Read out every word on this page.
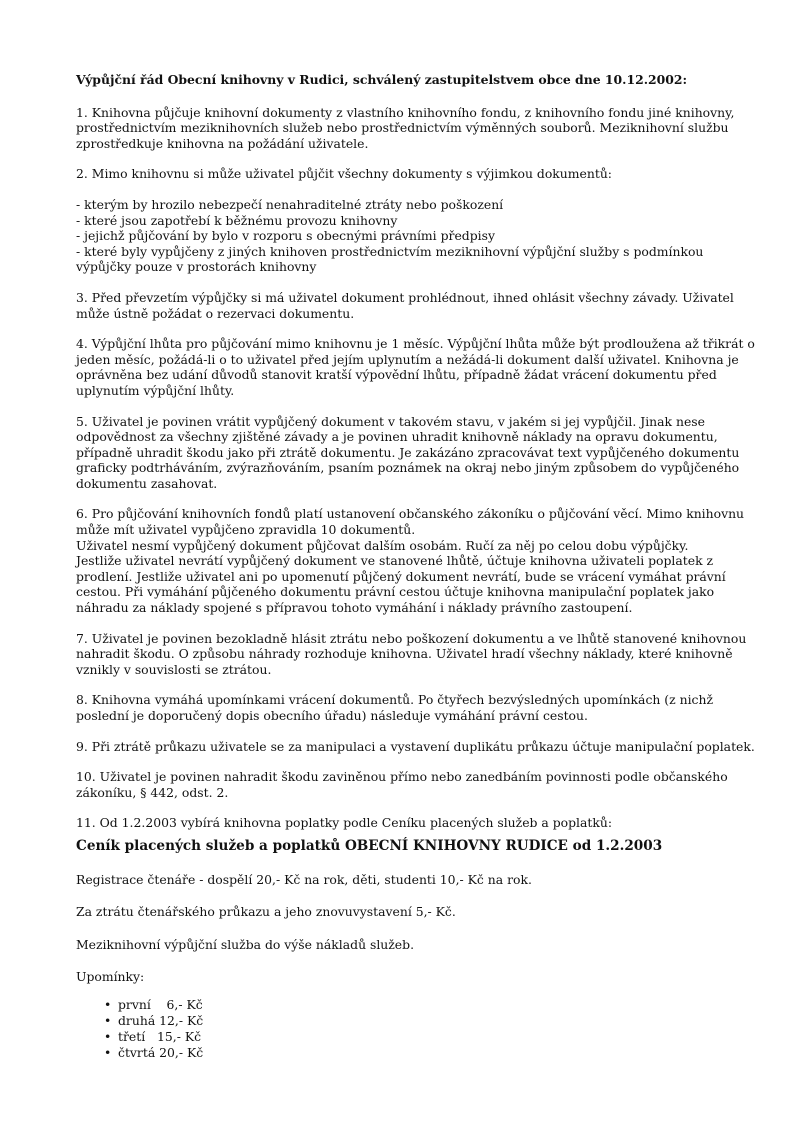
Výpůjční řád Obecní knihovny v Rudici, schválený zastupitelstvem obce dne 10.12.2002:

1. Knihovna půjčuje knihovní dokumenty z vlastního knihovního fondu, z knihovního fondu jiné knihovny,
prostřednictvím meziknihovních služeb nebo prostřednictvím výměnných souborů. Meziknihovní službu
zprostředkuje knihovna na požádání uživatele.

2. Mimo knihovnu si může uživatel půjčit všechny dokumenty s výjimkou dokumentů:

- kterým by hrozilo nebezpečí nenahraditelné ztráty nebo poškození
- které jsou zapotřebí k běžnému provozu knihovny
- jejichž půjčování by bylo v rozporu s obecnými právními předpisy
- které byly vypůjčeny z jiných knihoven prostřednictvím meziknihovní výpůjční služby s podmínkou
výpůjčky pouze v prostorách knihovny

3. Před převzetím výpůjčky si má uživatel dokument prohlédnout, ihned ohlásit všechny závady. Uživatel
může ústně požádat o rezervaci dokumentu.

4. Výpůjční lhůta pro půjčování mimo knihovnu je 1 měsíc. Výpůjční lhůta může být prodloužena až třikrát o
jeden měsíc, požádá-li o to uživatel před jejím uplynutím a nežádá-li dokument další uživatel. Knihovna je
oprávněna bez udání důvodů stanovit kratší výpovědní lhůtu, případně žádat vrácení dokumentu před
uplynutím výpůjční lhůty.

5. Uživatel je povinen vrátit vypůjčený dokument v takovém stavu, v jakém si jej vypůjčil. Jinak nese
odpovědnost za všechny zjištěné závady a je povinen uhradit knihovně náklady na opravu dokumentu,
případně uhradit škodu jako při ztrátě dokumentu. Je zakázáno zpracovávat text vypůjčeného dokumentu
graficky podtrháváním, zvýrazňováním, psaním poznámek na okraj nebo jiným způsobem do vypůjčeného
dokumentu zasahovat.

6. Pro půjčování knihovních fondů platí ustanovení občanského zákoníku o půjčování věcí. Mimo knihovnu
může mít uživatel vypůjčeno zpravidla 10 dokumentů.
Uživatel nesmí vypůjčený dokument půjčovat dalším osobám. Ručí za něj po celou dobu výpůjčky.
Jestliže uživatel nevrátí vypůjčený dokument ve stanovené lhůtě, účtuje knihovna uživateli poplatek z
prodlení. Jestliže uživatel ani po upomenutí půjčený dokument nevrátí, bude se vrácení vymáhat právní
cestou. Při vymáhání půjčeného dokumentu právní cestou účtuje knihovna manipulační poplatek jako
náhradu za náklady spojené s přípravou tohoto vymáhání i náklady právního zastoupení.

7. Uživatel je povinen bezokladně hlásit ztrátu nebo poškození dokumentu a ve lhůtě stanovené knihovnou
nahradit škodu. O způsobu náhrady rozhoduje knihovna. Uživatel hradí všechny náklady, které knihovně
vznikly v souvislosti se ztrátou.

8. Knihovna vymáhá upomínkami vrácení dokumentů. Po čtyřech bezvýsledných upomínkách (z nichž
poslední je doporučený dopis obecního úřadu) následuje vymáhání právní cestou.

9. Při ztrátě průkazu uživatele se za manipulaci a vystavení duplikátu průkazu účtuje manipulační poplatek.

10. Uživatel je povinen nahradit škodu zaviněnou přímo nebo zanedbáním povinnosti podle občanského
zákoníku, § 442, odst. 2.

11. Od 1.2.2003 vybírá knihovna poplatky podle Ceníku placených služeb a poplatků:

Ceník placených služeb a poplatků OBECNÍ KNIHOVNY RUDICE od 1.2.2003
Registrace čtenáře - dospělí 20,- Kč na rok, děti, studenti 10,- Kč na rok.
Za ztrátu čtenářského průkazu a jeho znovuvystavení 5,- Kč.
Meziknihovní výpůjční služba do výše nákladů služeb.
Upomínky:
• první    6,- Kč
• druhá 12,- Kč
• třetí   15,- Kč
• čtvrtá 20,- Kč
